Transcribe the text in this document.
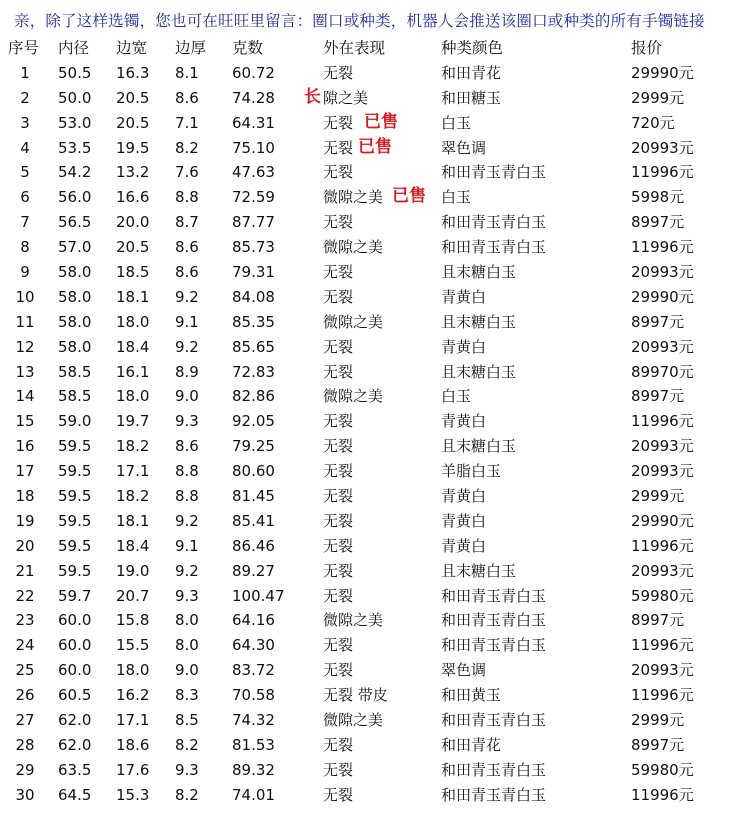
亲，除了这样选镯，您也可在旺旺里留言：圈口或种类，机器人会推送该圈口或种类的所有手镯链接
序号 内径 边宽 边厚 克数	外在表现	种类颜色	报价
1	50.5 16.3 8.1 60.72	无裂	和田青花	29990元
2	50.0 20.5 8.6 74.28	隙之美	和田糖玉	2999元
长
3	53.0 20.5 7.1 64.31	无裂	白玉	720元
已售
4	53.5 19.5 8.2 75.10	无裂	翠色调	20993元
已售
5	54.2 13.2 7.6 47.63	无裂	和田青玉青白玉	11996元
6	56.0 16.6 8.8 72.59	微隙之美	白玉	5998元
已售
7	56.5 20.0 8.7 87.77	无裂	和田青玉青白玉	8997元
8	57.0 20.5 8.6 85.73	微隙之美	和田青玉青白玉	11996元
9	58.0 18.5 8.6 79.31	无裂	且末糖白玉	20993元
10 58.0 18.1 9.2 84.08	无裂	青黄白	29990元
11 58.0 18.0 9.1 85.35	微隙之美	且末糖白玉	8997元
12 58.0 18.4 9.2 85.65	无裂	青黄白	20993元
13 58.5 16.1 8.9 72.83	无裂	且末糖白玉	89970元
14 58.5 18.0 9.0 82.86	微隙之美	白玉	8997元
15 59.0 19.7 9.3 92.05	无裂	青黄白	11996元
16 59.5 18.2 8.6 79.25	无裂	且末糖白玉	20993元
17 59.5 17.1 8.8 80.60	无裂	羊脂白玉	20993元
18 59.5 18.2 8.8 81.45	无裂	青黄白	2999元
19 59.5 18.1 9.2 85.41	无裂	青黄白	29990元
20 59.5 18.4 9.1 86.46	无裂	青黄白	11996元
21 59.5 19.0 9.2 89.27	无裂	且末糖白玉	20993元
22 59.7 20.7 9.3 100.47	无裂	和田青玉青白玉	59980元
23 60.0 15.8 8.0 64.16	微隙之美	和田青玉青白玉	8997元
24 60.0 15.5 8.0 64.30	无裂	和田青玉青白玉	11996元
25 60.0 18.0 9.0 83.72	无裂	翠色调	20993元
26 60.5 16.2 8.3 70.58	无裂 带皮	和田黄玉	11996元
27 62.0 17.1 8.5 74.32	微隙之美	和田青玉青白玉	2999元
28 62.0 18.6 8.2 81.53	无裂	和田青花	8997元
29 63.5 17.6 9.3 89.32	无裂	和田青玉青白玉	59980元
30 64.5 15.3 8.2 74.01	无裂	和田青玉青白玉	11996元
